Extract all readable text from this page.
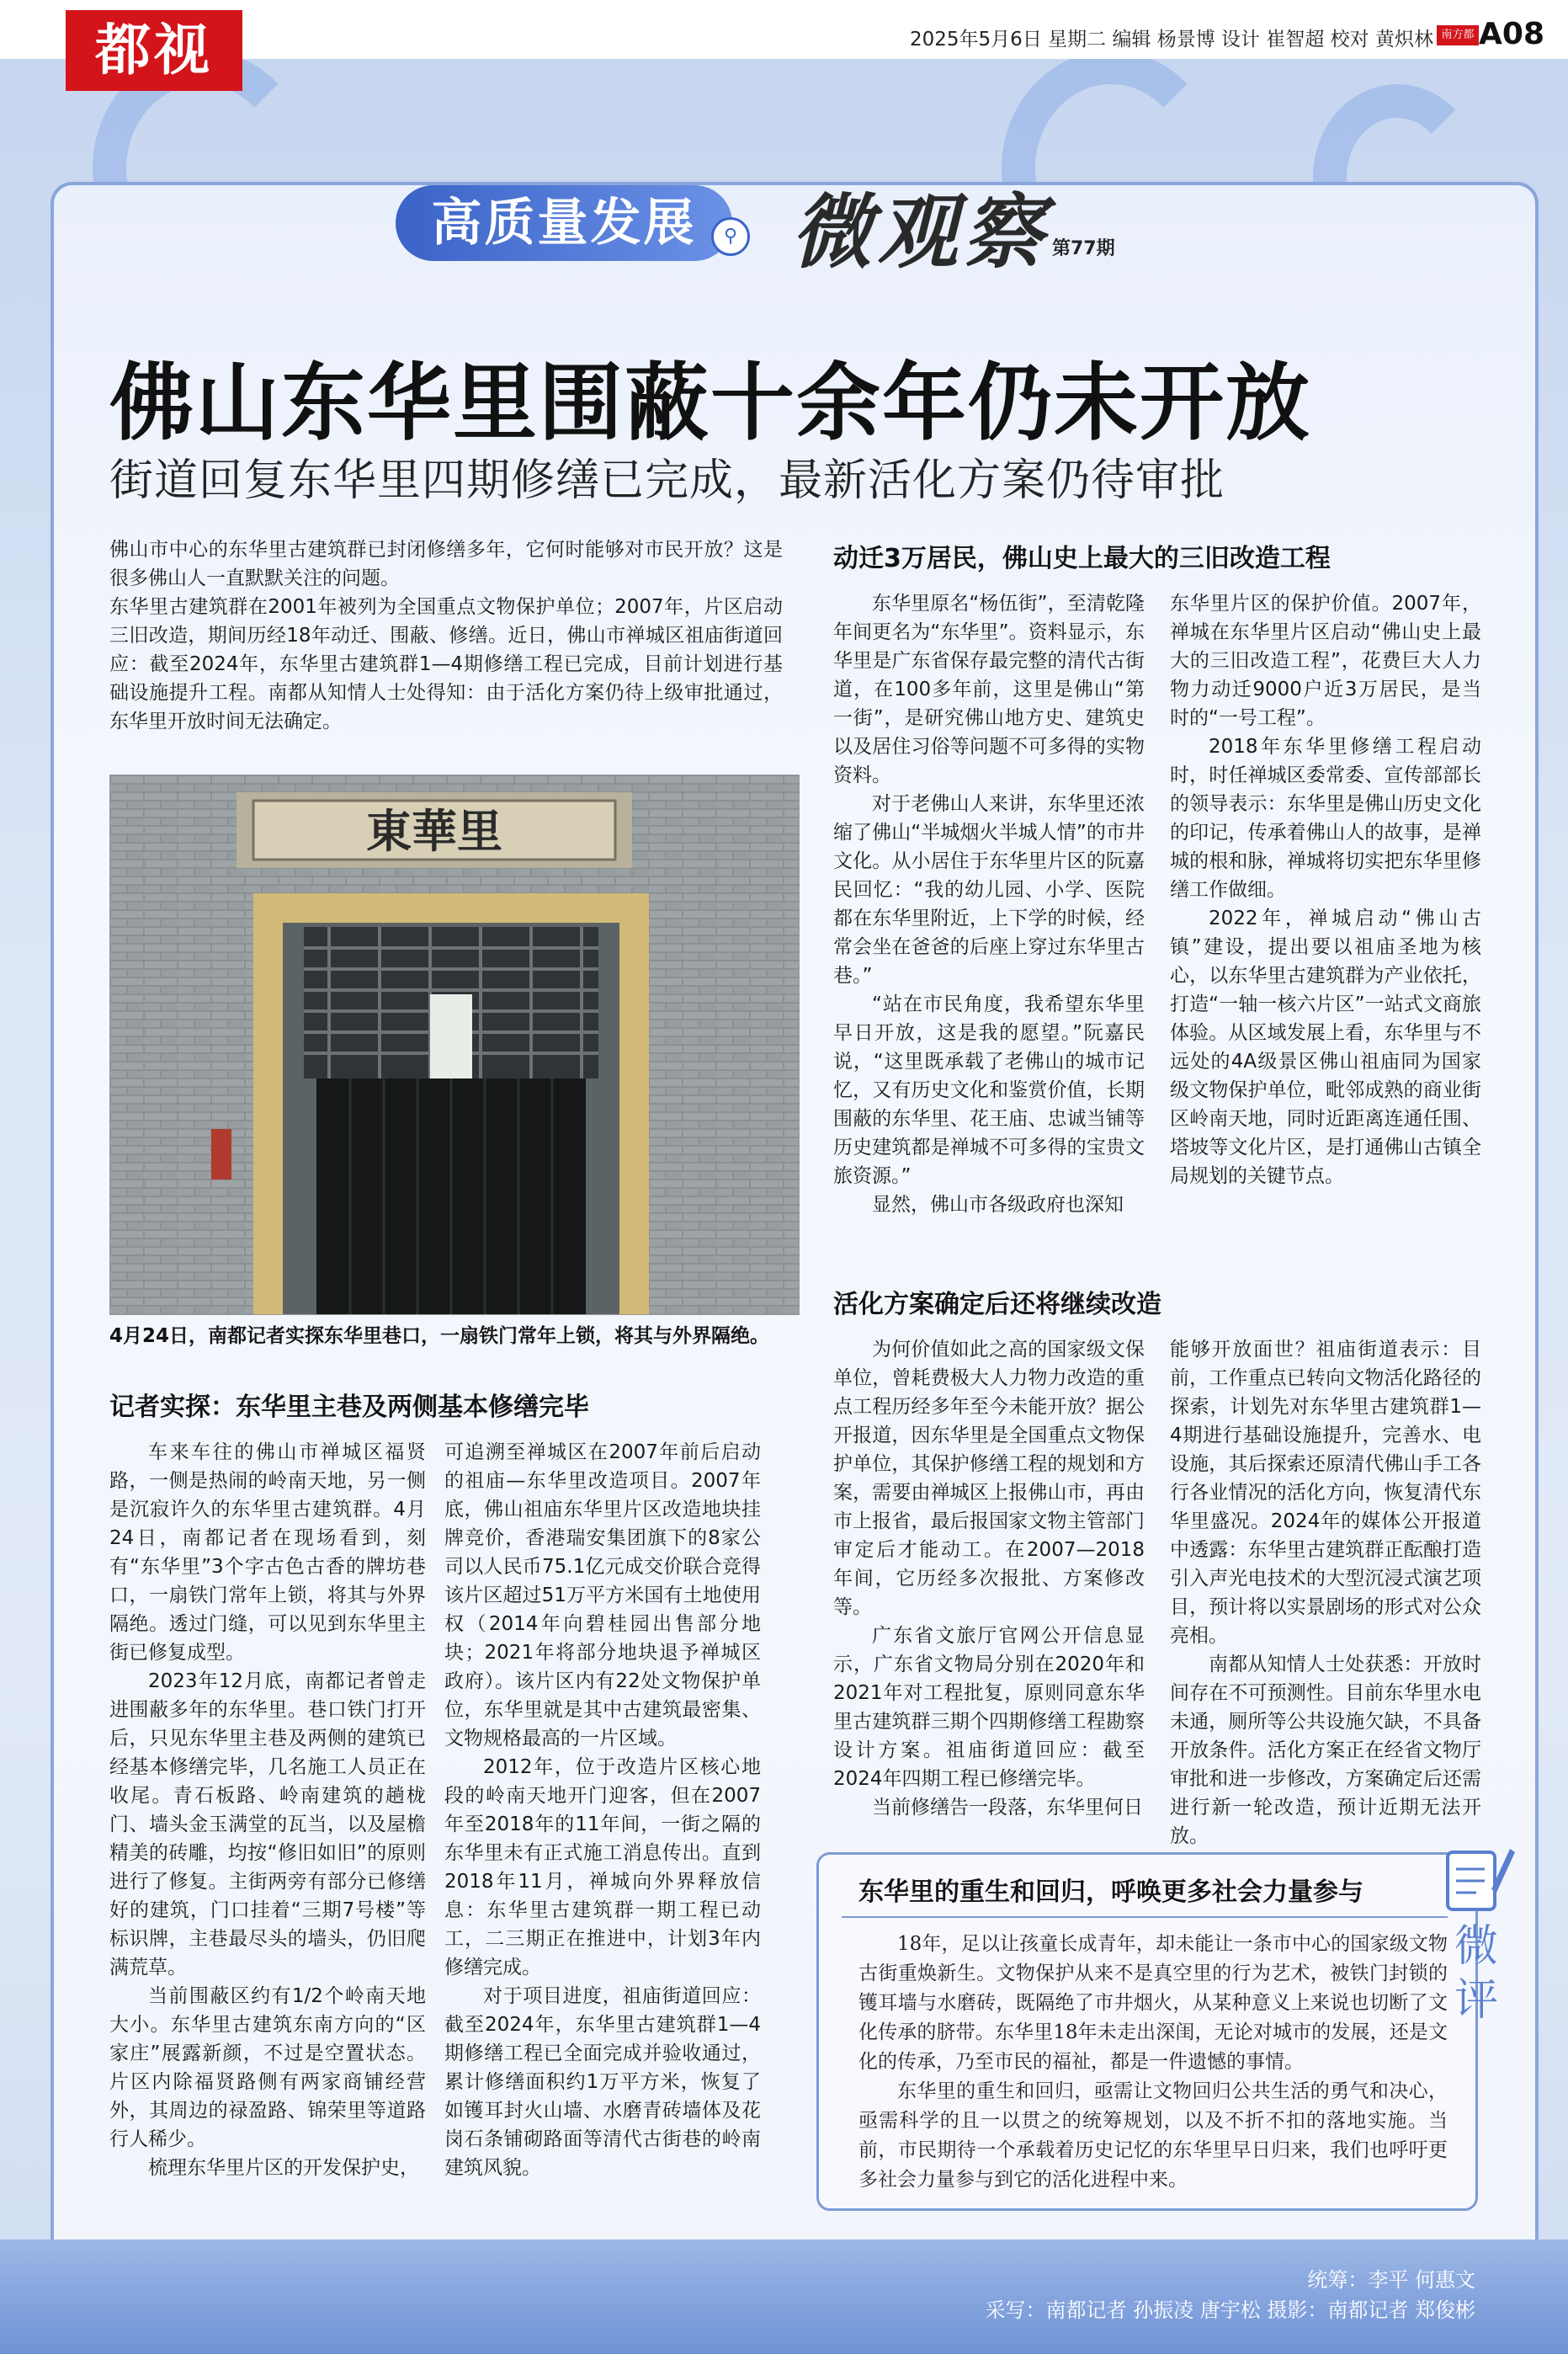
都视	2025年5月6日 星期二 编辑 杨景博 设计 崔智超 校对 黄炽林 南方都市报
A08
高质量发展	⚲ 微观察 第77期
佛山东华里围蔽十余年仍未开放
街道回复东华里四期修缮已完成，最新活化方案仍待审批

佛山市中心的东华里古建筑群已封闭修缮多年，它何时能够对市民开放？这是很多佛山人一直默默关注的问题。

东华里古建筑群在2001年被列为全国重点文物保护单位；2007年，片区启动三旧改造，期间历经18年动迁、围蔽、修缮。近日，佛山市禅城区祖庙街道回应：截至2024年，东华里古建筑群1—4期修缮工程已完成，目前计划进行基础设施提升工程。南都从知情人士处得知：由于活化方案仍待上级审批通过，东华里开放时间无法确定。

東華里
4月24日，南都记者实探东华里巷口，一扇铁门常年上锁，将其与外界隔绝。
记者实探：东华里主巷及两侧基本修缮完毕

车来车往的佛山市禅城区福贤路，一侧是热闹的岭南天地，另一侧是沉寂许久的东华里古建筑群。4月24日，南都记者在现场看到，刻有“东华里”3个字古色古香的牌坊巷口，一扇铁门常年上锁，将其与外界隔绝。透过门缝，可以见到东华里主街已修复成型。

2023年12月底，南都记者曾走进围蔽多年的东华里。巷口铁门打开后，只见东华里主巷及两侧的建筑已经基本修缮完毕，几名施工人员正在收尾。青石板路、岭南建筑的趟栊门、墙头金玉满堂的瓦当，以及屋檐精美的砖雕，均按“修旧如旧”的原则进行了修复。主街两旁有部分已修缮好的建筑，门口挂着“三期7号楼”等标识牌，主巷最尽头的墙头，仍旧爬满荒草。

当前围蔽区约有1/2个岭南天地大小。东华里古建筑东南方向的“区家庄”展露新颜，不过是空置状态。片区内除福贤路侧有两家商铺经营外，其周边的禄盈路、锦荣里等道路行人稀少。

梳理东华里片区的开发保护史，

可追溯至禅城区在2007年前后启动的祖庙—东华里改造项目。2007年底，佛山祖庙东华里片区改造地块挂牌竞价，香港瑞安集团旗下的8家公司以人民币75.1亿元成交价联合竞得该片区超过51万平方米国有土地使用权（2014年向碧桂园出售部分地块；2021年将部分地块退予禅城区政府）。该片区内有22处文物保护单位，东华里就是其中古建筑最密集、文物规格最高的一片区域。

2012年，位于改造片区核心地段的岭南天地开门迎客，但在2007年至2018年的11年间，一街之隔的东华里未有正式施工消息传出。直到2018年11月，禅城向外界释放信息：东华里古建筑群一期工程已动工，二三期正在推进中，计划3年内修缮完成。

对于项目进度，祖庙街道回应：截至2024年，东华里古建筑群1—4期修缮工程已全面完成并验收通过，累计修缮面积约1万平方米，恢复了如镬耳封火山墙、水磨青砖墙体及花岗石条铺砌路面等清代古街巷的岭南建筑风貌。

动迁3万居民，佛山史上最大的三旧改造工程

东华里原名“杨伍街”，至清乾隆年间更名为“东华里”。资料显示，东华里是广东省保存最完整的清代古街道，在100多年前，这里是佛山“第一街”，是研究佛山地方史、建筑史以及居住习俗等问题不可多得的实物资料。

对于老佛山人来讲，东华里还浓缩了佛山“半城烟火半城人情”的市井文化。从小居住于东华里片区的阮嘉民回忆：“我的幼儿园、小学、医院都在东华里附近，上下学的时候，经常会坐在爸爸的后座上穿过东华里古巷。”

“站在市民角度，我希望东华里早日开放，这是我的愿望。”阮嘉民说，“这里既承载了老佛山的城市记忆，又有历史文化和鉴赏价值，长期围蔽的东华里、花王庙、忠诚当铺等历史建筑都是禅城不可多得的宝贵文旅资源。”

显然，佛山市各级政府也深知

东华里片区的保护价值。2007年，禅城在东华里片区启动“佛山史上最大的三旧改造工程”，花费巨大人力物力动迁9000户近3万居民，是当时的“一号工程”。

2018年东华里修缮工程启动时，时任禅城区委常委、宣传部部长的领导表示：东华里是佛山历史文化的印记，传承着佛山人的故事，是禅城的根和脉，禅城将切实把东华里修缮工作做细。

2022年，禅城启动“佛山古镇”建设，提出要以祖庙圣地为核心，以东华里古建筑群为产业依托，打造“一轴一核六片区”一站式文商旅体验。从区域发展上看，东华里与不远处的4A级景区佛山祖庙同为国家级文物保护单位，毗邻成熟的商业街区岭南天地，同时近距离连通任围、塔坡等文化片区，是打通佛山古镇全局规划的关键节点。

活化方案确定后还将继续改造

为何价值如此之高的国家级文保单位，曾耗费极大人力物力改造的重点工程历经多年至今未能开放？据公开报道，因东华里是全国重点文物保护单位，其保护修缮工程的规划和方案，需要由禅城区上报佛山市，再由市上报省，最后报国家文物主管部门审定后才能动工。在2007—2018年间，它历经多次报批、方案修改等。

广东省文旅厅官网公开信息显示，广东省文物局分别在2020年和2021年对工程批复，原则同意东华里古建筑群三期个四期修缮工程勘察设计方案。祖庙街道回应：截至2024年四期工程已修缮完毕。

当前修缮告一段落，东华里何日

能够开放面世？祖庙街道表示：目前，工作重点已转向文物活化路径的探索，计划先对东华里古建筑群1—4期进行基础设施提升，完善水、电设施，其后探索还原清代佛山手工各行各业情况的活化方向，恢复清代东华里盛况。2024年的媒体公开报道中透露：东华里古建筑群正酝酿打造引入声光电技术的大型沉浸式演艺项目，预计将以实景剧场的形式对公众亮相。

南都从知情人士处获悉：开放时间存在不可预测性。目前东华里水电未通，厕所等公共设施欠缺，不具备开放条件。活化方案正在经省文物厅审批和进一步修改，方案确定后还需进行新一轮改造，预计近期无法开放。

东华里的重生和回归，呼唤更多社会力量参与

18年，足以让孩童长成青年，却未能让一条市中心的国家级文物古街重焕新生。文物保护从来不是真空里的行为艺术，被铁门封锁的镬耳墙与水磨砖，既隔绝了市井烟火，从某种意义上来说也切断了文化传承的脐带。东华里18年未走出深闺，无论对城市的发展，还是文化的传承，乃至市民的福祉，都是一件遗憾的事情。

东华里的重生和回归，亟需让文物回归公共生活的勇气和决心，亟需科学的且一以贯之的统筹规划，以及不折不扣的落地实施。当前，市民期待一个承载着历史记忆的东华里早日归来，我们也呼吁更多社会力量参与到它的活化进程中来。

微评
统筹：李平 何惠文
采写：南都记者 孙振凌 唐宇松 摄影：南都记者 郑俊彬
